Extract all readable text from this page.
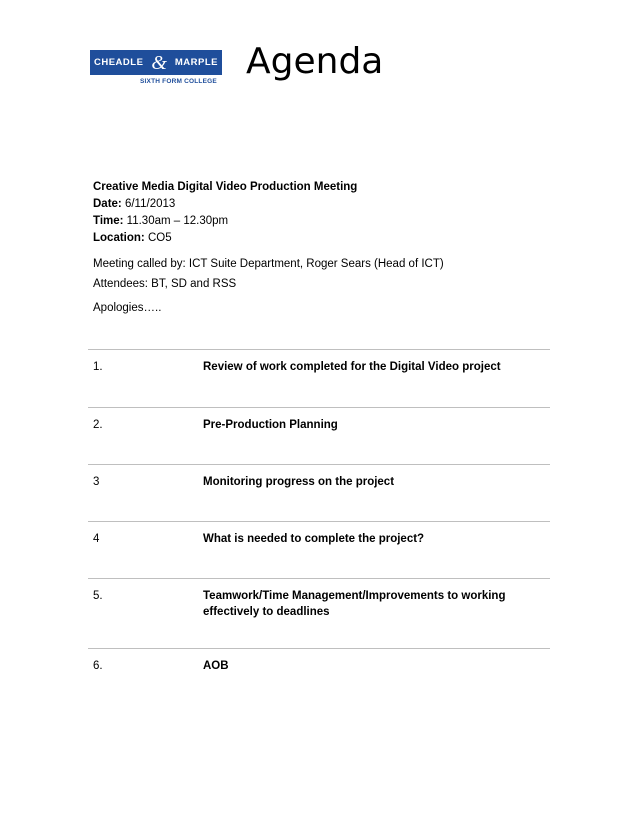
CHEADLE & MARPLE
SIXTH FORM COLLEGE Agenda
Creative Media Digital Video Production Meeting
Date: 6/11/2013
Time: 11.30am – 12.30pm
Location: CO5
Meeting called by: ICT Suite Department, Roger Sears (Head of ICT)
Attendees: BT, SD and RSS
Apologies…..
1.	Review of work completed for the Digital Video project
2.	Pre-Production Planning
3	Monitoring progress on the project
4	What is needed to complete the project?
5.	Teamwork/Time Management/Improvements to working effectively to deadlines
6.	AOB
